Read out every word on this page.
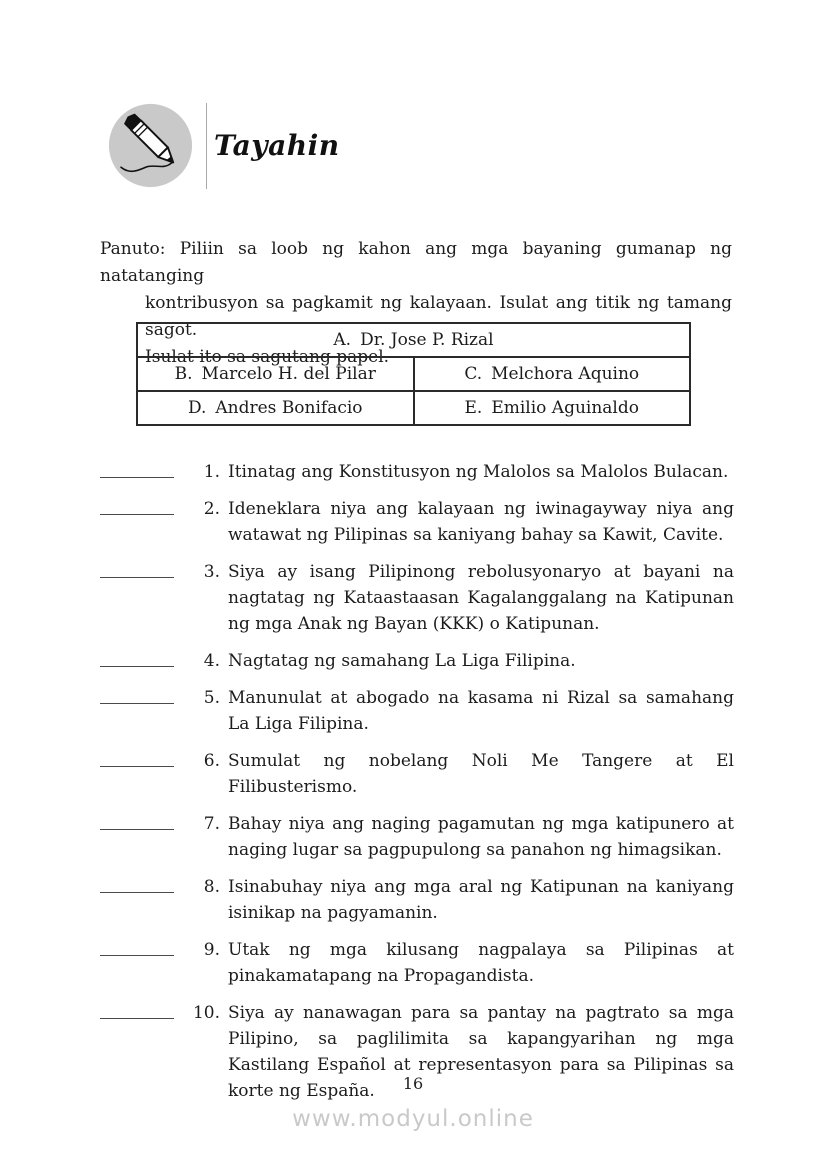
Tayahin
Panuto: Piliin sa loob ng kahon ang mga bayaning gumanap ng natatanging
kontribusyon sa pagkamit ng kalayaan. Isulat ang titik ng tamang sagot.
Isulat ito sa sagutang papel.
A. Dr. Jose P. Rizal	
B. Marcelo H. del Pilar	C. Melchora Aquino
D. Andres Bonifacio	E. Emilio Aguinaldo
1. Itinatag ang Konstitusyon ng Malolos sa Malolos Bulacan.
2. Ideneklara niya ang kalayaan ng iwinagayway niya ang watawat ng Pilipinas sa kaniyang bahay sa Kawit, Cavite.
3. Siya ay isang Pilipinong rebolusyonaryo at bayani na nagtatag ng Kataastaasan Kagalanggalang na Katipunan ng mga Anak ng Bayan (KKK) o Katipunan.
4. Nagtatag ng samahang La Liga Filipina.
5. Manunulat at abogado na kasama ni Rizal sa samahang La Liga Filipina.
6. Sumulat ng nobelang Noli Me Tangere at El Filibusterismo.
7. Bahay niya ang naging pagamutan ng mga katipunero at naging lugar sa pagpupulong sa panahon ng himagsikan.
8. Isinabuhay niya ang mga aral ng Katipunan na kaniyang isinikap na pagyamanin.
9. Utak ng mga kilusang nagpalaya sa Pilipinas at pinakamatapang na Propagandista.
10. Siya ay nanawagan para sa pantay na pagtrato sa mga Pilipino, sa paglilimita sa kapangyarihan ng mga Kastilang Español at representasyon para sa Pilipinas sa korte ng España.	16
www.modyul.online
